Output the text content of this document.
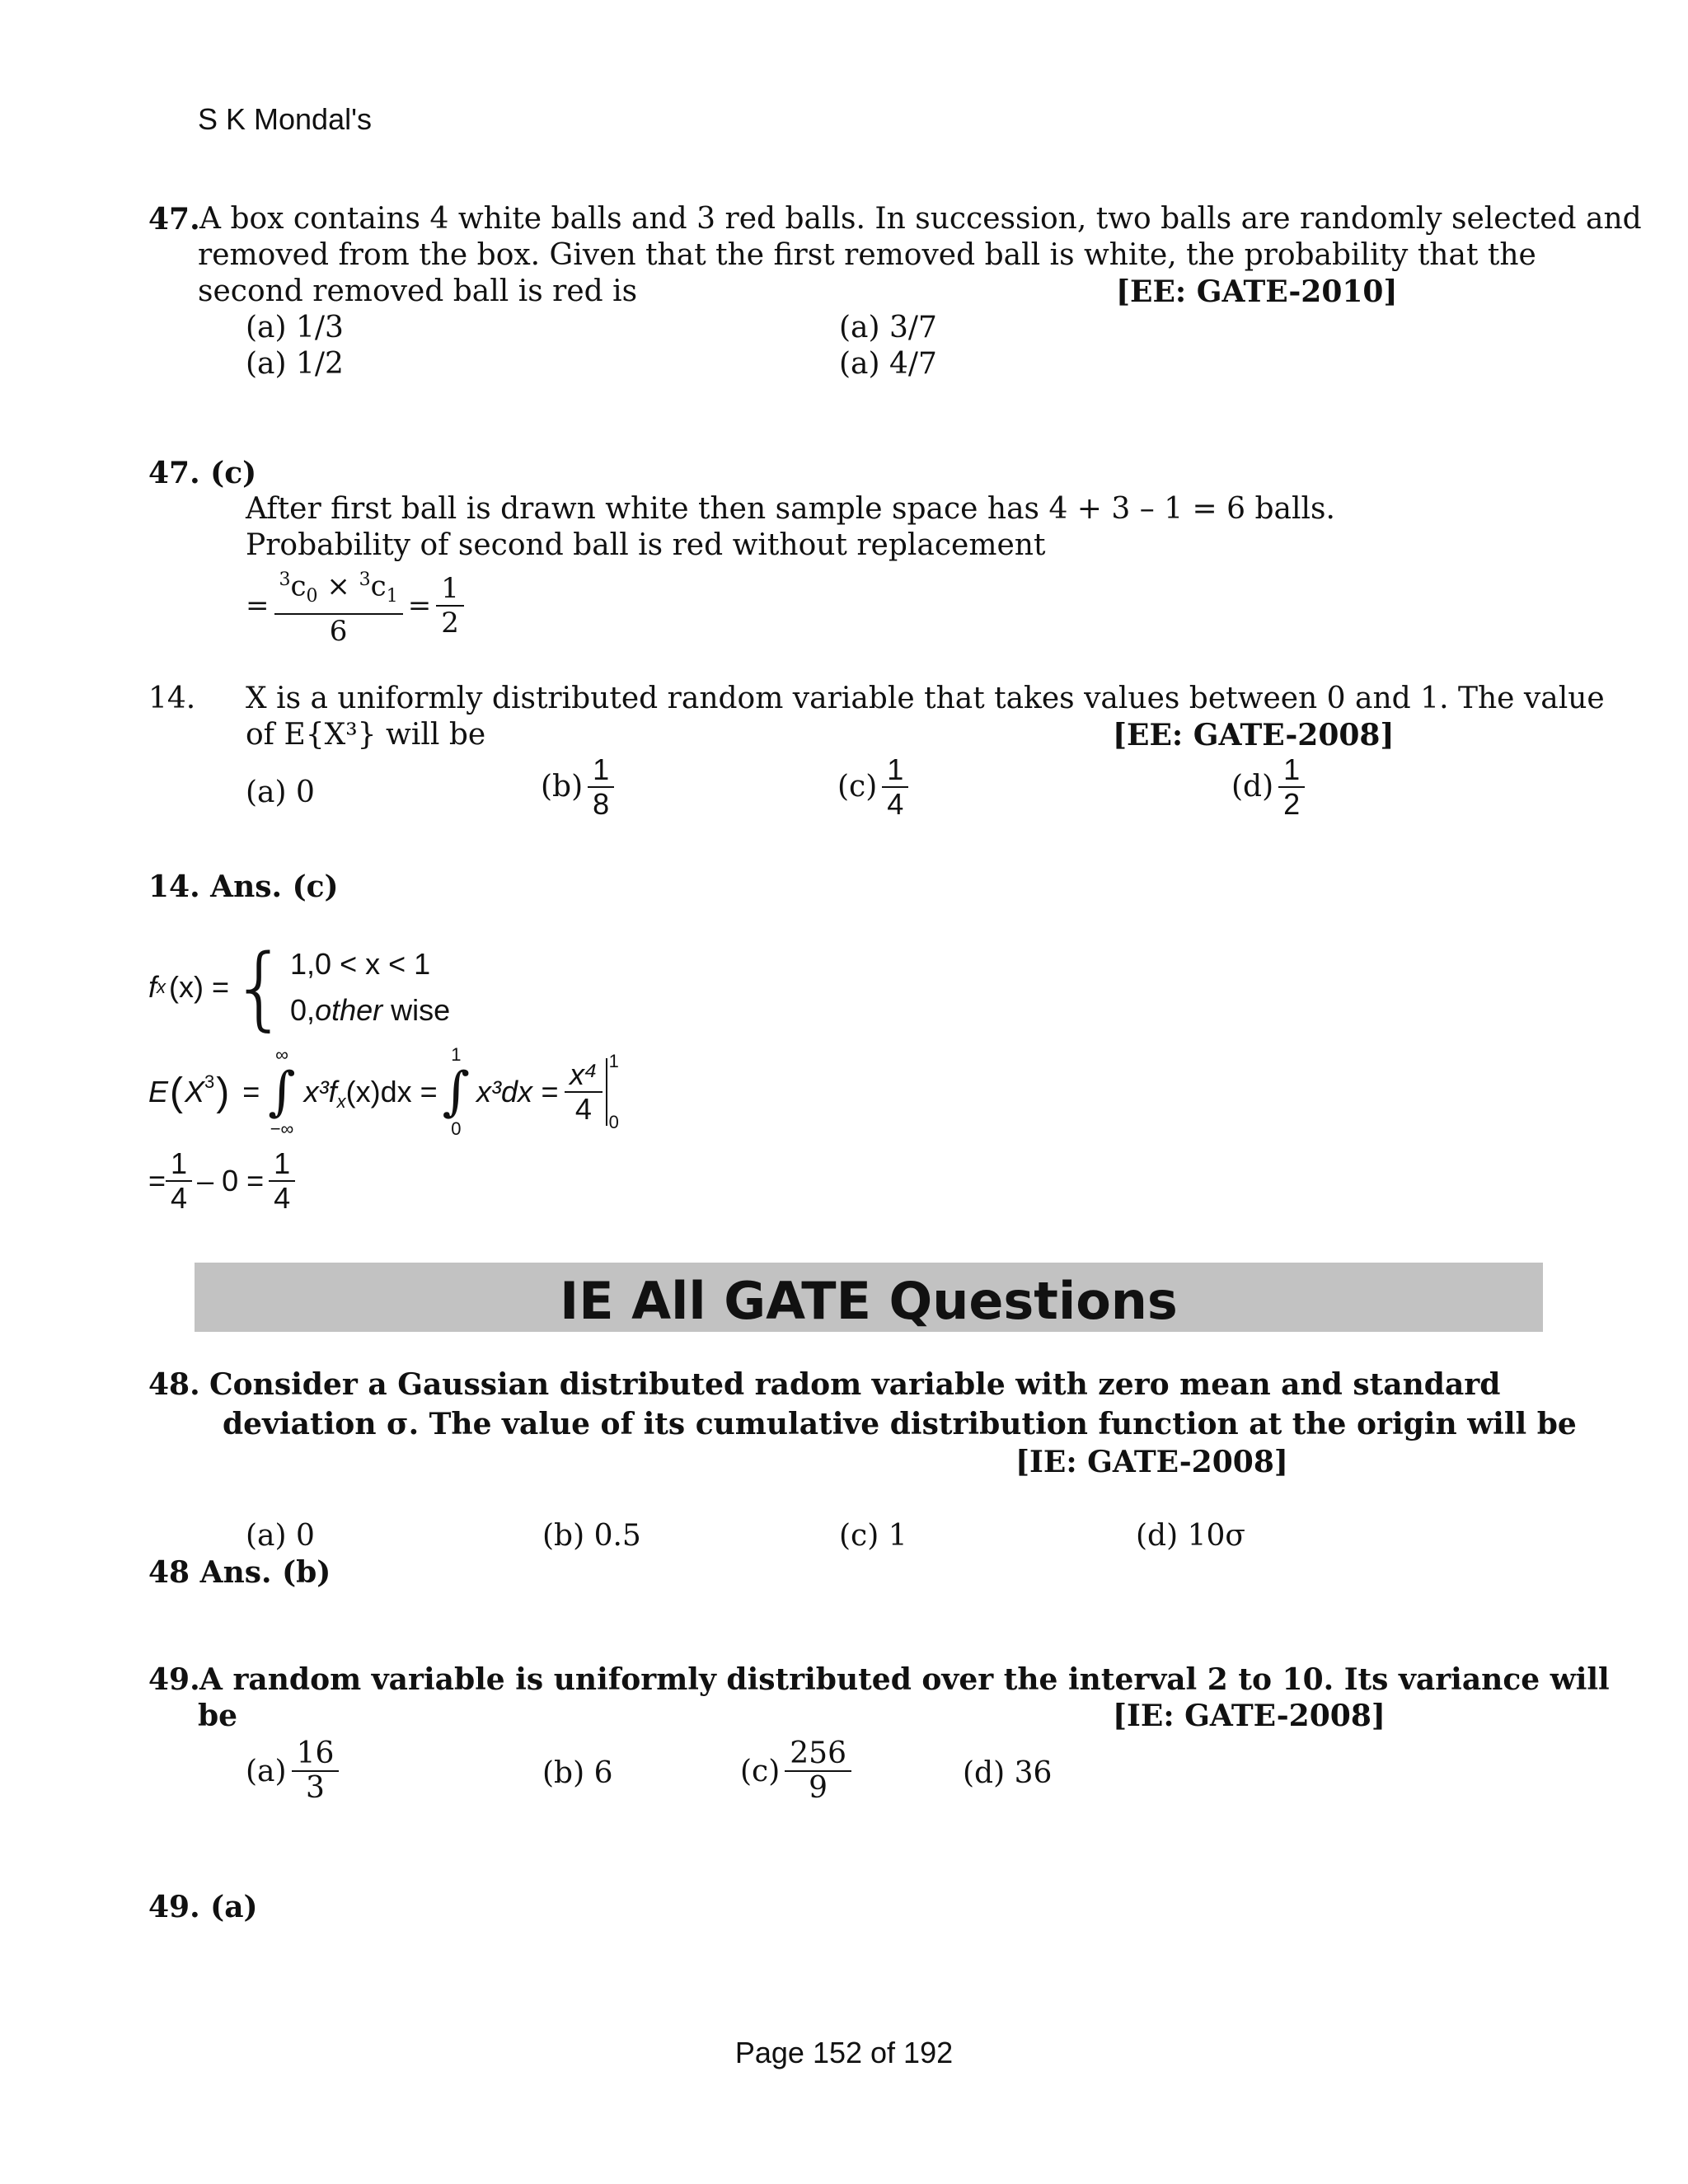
S K Mondal's
47. A box contains 4 white balls and 3 red balls. In succession, two balls are randomly selected and
removed from the box. Given that the first removed ball is white, the probability that the
second removed ball is red is	[EE: GATE-2010]
(a) 1/3	(a) 3/7
(a) 1/2	(a) 4/7
47. (c)
After first ball is drawn white then sample space has 4 + 3 – 1 = 6 balls.
Probability of second ball is red without replacement
= $\frac{^3c_0 \times ^3c_1}{6} = \frac{1}{2}$
14. X is a uniformly distributed random variable that takes values between 0 and 1. The value
of E{X³} will be	[EE: GATE-2008]
(a) 0	$(b) \frac{1}{8}$	$(c) \frac{1}{4}$	$(d) \frac{1}{2}$
14. Ans. (c)
f x (x) = { 1,0 < x < 1
0,other wise
E ( $X^3$ ) =
∞
∫
−∞
$x^3f_x$ (x)dx =
1
∫
0
$x^3dx = \frac{\text{x⁴}}{4} 1$
0
= $\frac{1}{4} - 0 = \frac{1}{4}$
IE All GATE Questions
48. Consider a Gaussian distributed radom variable with zero mean and standard
deviation σ. The value of its cumulative distribution function at the origin will be
[IE: GATE-2008]
(a) 0	(b) 0.5	(c) 1	(d) 10σ
48 Ans. (b)
49. A random variable is uniformly distributed over the interval 2 to 10. Its variance will
be	[IE: GATE-2008]
$(a) \frac{16}{3}$	(b) 6	$(c) \frac{256}{9}$	(d) 36
49. (a)
Page 152 of 192
